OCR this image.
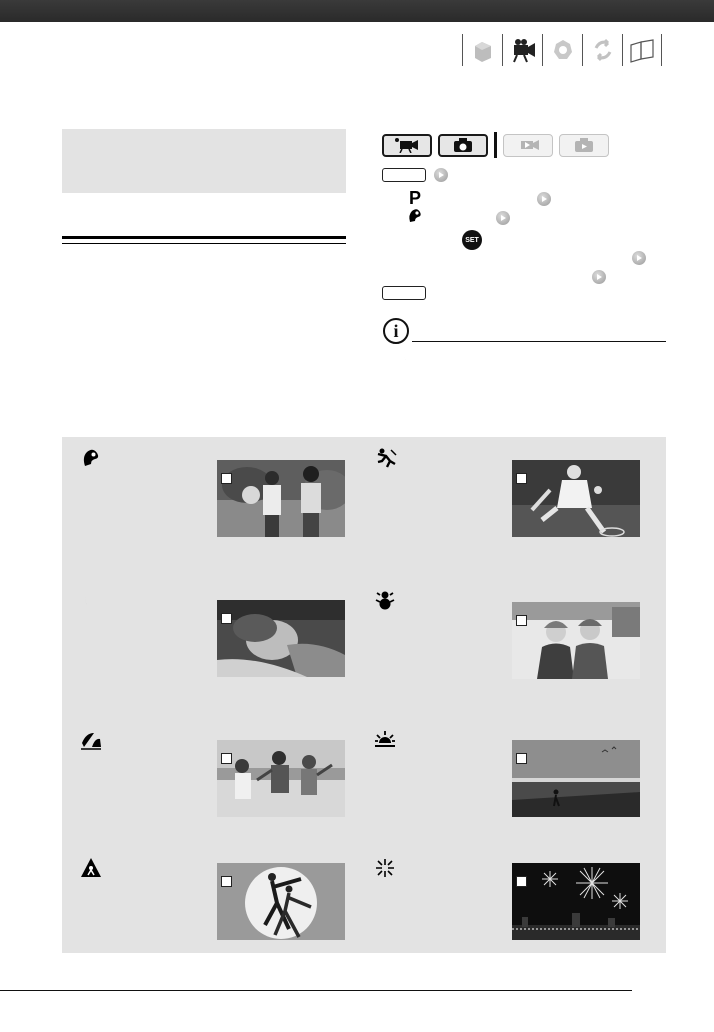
P
SET
i
